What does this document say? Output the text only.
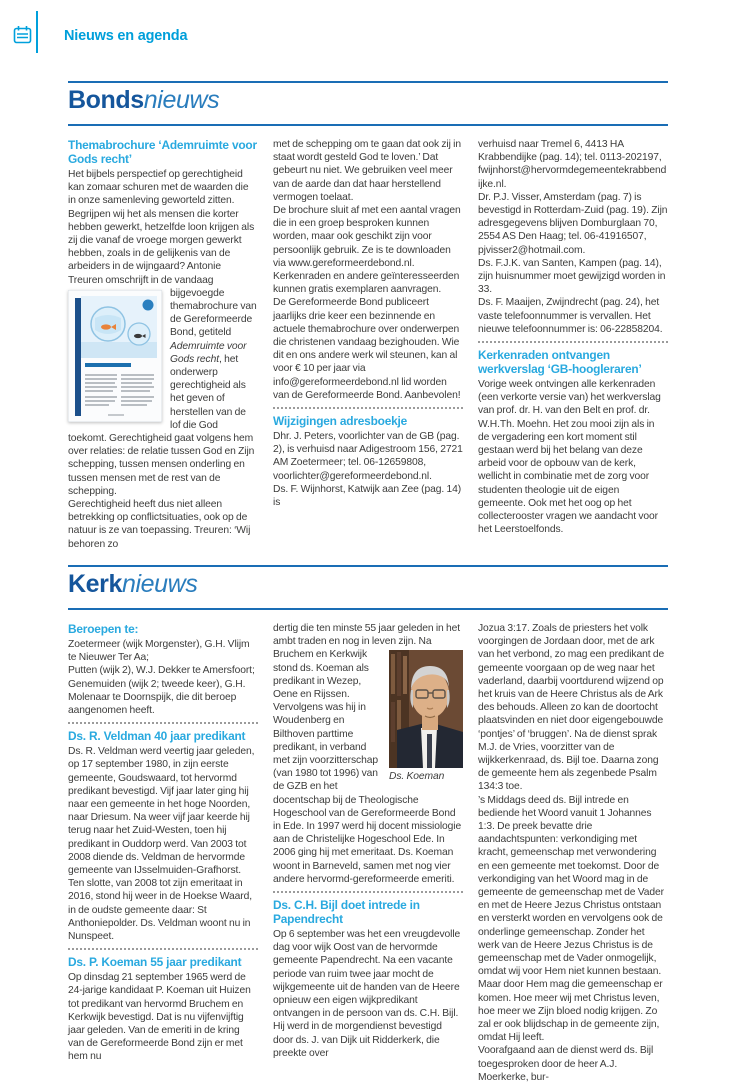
Nieuws en agenda
Bondsnieuws
Themabrochure ‘Ademruimte voor Gods recht’

Het bijbels perspectief op gerechtigheid kan zomaar schuren met de waarden die in onze samenleving geworteld zitten. Begrijpen wij het als mensen die korter hebben gewerkt, hetzelfde loon krijgen als zij die vanaf de vroege morgen gewerkt hebben, zoals in de gelijkenis van de arbeiders in de wijngaard? Antonie Treuren omschrijft in de vandaag

bijgevoegde themabrochure van de Gereformeerde Bond, getiteld Ademruimte voor Gods recht, het onderwerp gerechtigheid als het geven of herstellen van de lof die God toekomt. Gerechtigheid gaat volgens hem over relaties: de relatie tussen God en Zijn schepping, tussen mensen onderling en tussen mensen met de rest van de schepping.

Gerechtigheid heeft dus niet alleen betrekking op conflictsituaties, ook op de natuur is ze van toepassing. Treuren: ‘Wij behoren zo

met de schepping om te gaan dat ook zij in staat wordt gesteld God te loven.’ Dat gebeurt nu niet. We gebruiken veel meer van de aarde dan dat haar herstellend vermogen toelaat.

De brochure sluit af met een aantal vragen die in een groep besproken kunnen worden, maar ook geschikt zijn voor persoonlijk gebruik. Ze is te downloaden via www.gereformeerdebond.nl. Kerkenraden en andere geïnteresseerden kunnen gratis exemplaren aanvragen.

De Gereformeerde Bond publiceert jaarlijks drie keer een bezinnende en actuele themabrochure over onderwerpen die christenen vandaag bezighouden. Wie dit en ons andere werk wil steunen, kan al voor € 10 per jaar via info@gereformeerdebond.nl lid worden van de Gereformeerde Bond. Aanbevolen!

Wijzigingen adresboekje

Dhr. J. Peters, voorlichter van de GB (pag. 2), is verhuisd naar Adigestroom 156, 2721 AM Zoetermeer; tel. 06-12659808, voorlichter@gereformeerdebond.nl.

Ds. F. Wijnhorst, Katwijk aan Zee (pag. 14) is

verhuisd naar Tremel 6, 4413 HA Krabbendijke (pag. 14); tel. 0113-202197, fwijnhorst@hervormdegemeentekrabbendijke.nl.

Dr. P.J. Visser, Amsterdam (pag. 7) is bevestigd in Rotterdam-Zuid (pag. 19). Zijn adresgegevens blijven Domburglaan 70, 2554 AS Den Haag; tel. 06-41916507, pjvisser2@hotmail.com.

Ds. F.J.K. van Santen, Kampen (pag. 14), zijn huisnummer moet gewijzigd worden in 33.

Ds. F. Maaijen, Zwijndrecht (pag. 24), het vaste telefoonnummer is vervallen. Het nieuwe telefoonnummer is: 06-22858204.

Kerkenraden ontvangen werkverslag ‘GB-hoogleraren’

Vorige week ontvingen alle kerkenraden (een verkorte versie van) het werkverslag van prof. dr. H. van den Belt en prof. dr. W.H.Th. Moehn. Het zou mooi zijn als in de vergadering een kort moment stil gestaan werd bij het belang van deze arbeid voor de opbouw van de kerk, wellicht in combinatie met de zorg voor studenten theologie uit de eigen gemeente. Ook met het oog op het collecterooster vragen we aandacht voor het Leerstoelfonds.

Kerknieuws
Beroepen te:

Zoetermeer (wijk Morgenster), G.H. Vlijm te Nieuwer Ter Aa;

Putten (wijk 2), W.J. Dekker te Amersfoort;

Genemuiden (wijk 2; tweede keer), G.H. Molenaar te Doornspijk, die dit beroep aangenomen heeft.

Ds. R. Veldman 40 jaar predikant

Ds. R. Veldman werd veertig jaar geleden, op 17 september 1980, in zijn eerste gemeente, Goudswaard, tot hervormd predikant bevestigd. Vijf jaar later ging hij naar een gemeente in het hoge Noorden, naar Driesum. Na weer vijf jaar keerde hij terug naar het Zuid-Westen, toen hij predikant in Ouddorp werd. Van 2003 tot 2008 diende ds. Veldman de hervormde gemeente van IJsselmuiden-Grafhorst. Ten slotte, van 2008 tot zijn emeritaat in 2016, stond hij weer in de Hoekse Waard, in de oudste gemeente daar: St Anthoniepolder. Ds. Veldman woont nu in Nunspeet.

Ds. P. Koeman 55 jaar predikant

Op dinsdag 21 september 1965 werd de 24-jarige kandidaat P. Koeman uit Huizen tot predikant van hervormd Bruchem en Kerkwijk bevestigd. Dat is nu vijfenvijftig jaar geleden. Van de emeriti in de kring van de Gereformeerde Bond zijn er met hem nu

dertig die ten minste 55 jaar geleden in het ambt traden en nog in leven zijn. Na

Ds. Koeman
Bruchem en Kerkwijk stond ds. Koeman als predikant in Wezep, Oene en Rijssen. Vervolgens was hij in Woudenberg en Bilthoven parttime predikant, in verband met zijn voorzitterschap (van 1980 tot 1996) van de GZB en het docentschap bij de Theologische Hogeschool van de Gereformeerde Bond in Ede. In 1997 werd hij docent missiologie aan de Christelijke Hogeschool Ede. In 2006 ging hij met emeritaat. Ds. Koeman woont in Barneveld, samen met nog vier andere hervormd-gereformeerde emeriti.
Ds. C.H. Bijl doet intrede in Papendrecht

Op 6 september was het een vreugdevolle dag voor wijk Oost van de hervormde gemeente Papendrecht. Na een vacante periode van ruim twee jaar mocht de wijkgemeente uit de handen van de Heere opnieuw een eigen wijkpredikant ontvangen in de persoon van ds. C.H. Bijl.

Hij werd in de morgendienst bevestigd door ds. J. van Dijk uit Ridderkerk, die preekte over

Jozua 3:17. Zoals de priesters het volk voorgingen de Jordaan door, met de ark van het verbond, zo mag een predikant de gemeente voorgaan op de weg naar het vaderland, daarbij voortdurend wijzend op het kruis van de Heere Christus als de Ark des behouds. Alleen zo kan de doortocht plaatsvinden en niet door eigengebouwde ‘pontjes’ of ‘bruggen’. Na de dienst sprak M.J. de Vries, voorzitter van de wijkkerkenraad, ds. Bijl toe. Daarna zong de gemeente hem als zegenbede Psalm 134:3 toe.

’s Middags deed ds. Bijl intrede en bediende het Woord vanuit 1 Johannes 1:3. De preek bevatte drie aandachtspunten: verkondiging met kracht, gemeenschap met verwondering en een gemeente met toekomst. Door de verkondiging van het Woord mag in de gemeente de gemeenschap met de Vader en met de Heere Jezus Christus ontstaan en versterkt worden en vervolgens ook de onderlinge gemeenschap. Zonder het werk van de Heere Jezus Christus is de gemeenschap met de Vader onmogelijk, omdat wij voor Hem niet kunnen bestaan. Maar door Hem mag die gemeenschap er komen. Hoe meer wij met Christus leven, hoe meer we Zijn bloed nodig krijgen. Zo zal er ook blijdschap in de gemeente zijn, omdat Hij leeft.

Voorafgaand aan de dienst werd ds. Bijl toegesproken door de heer A.J. Moerkerke, bur-
